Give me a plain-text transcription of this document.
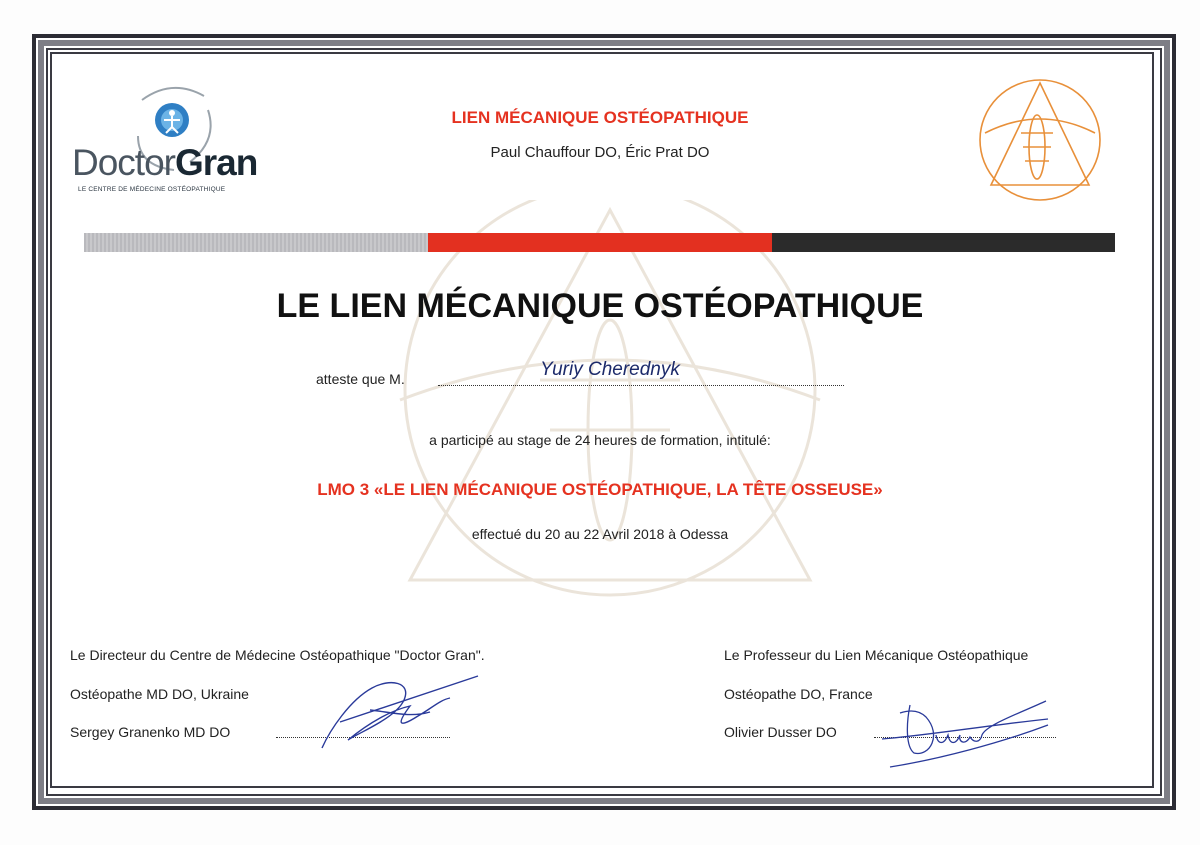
DoctorGran
LE CENTRE DE MÉDECINE OSTÉOPATHIQUE
LIEN MÉCANIQUE OSTÉOPATHIQUE
Paul Chauffour DO, Éric Prat DO
LE LIEN MÉCANIQUE OSTÉOPATHIQUE
atteste que M.	Yuriy Cherednyk
a participé au stage de 24 heures de formation, intitulé:
LMO 3 «LE LIEN MÉCANIQUE OSTÉOPATHIQUE, LA TÊTE OSSEUSE»
effectué du 20 au 22 Avril 2018 à Odessa
Le Directeur du Centre de Médecine Ostéopathique "Doctor Gran".
Ostéopathe MD DO, Ukraine
Sergey Granenko MD DO
Le Professeur du Lien Mécanique Ostéopathique
Ostéopathe DO, France
Olivier Dusser DO
